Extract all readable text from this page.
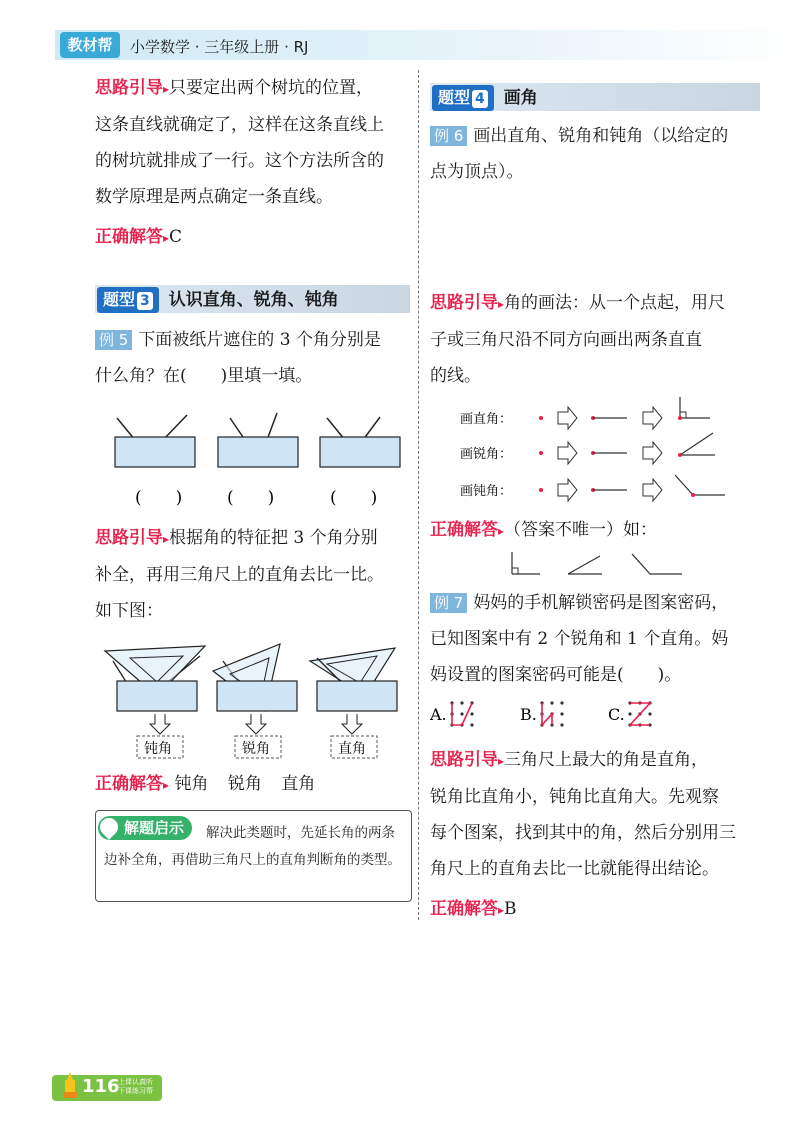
教材帮	小学数学 · 三年级上册 · RJ

思路引导▸只要定出两个树坑的位置，

这条直线就确定了，这样在这条直线上

的树坑就排成了一行。这个方法所含的

数学原理是两点确定一条直线。

正确解答▸C

题型 3 认识直角、锐角、钝角

例 5 下面被纸片遮住的 3 个角分别是

什么角？在(　　)里填一填。

(　　)	(　　)	(　　)

思路引导▸根据角的特征把 3 个角分别

补全，再用三角尺上的直角去比一比。

如下图：

钝角	锐角	直角

正确解答▸ 钝角 锐角 直角

解题启示	解决此类题时，先延长角的两条边补全角，再借助三角尺上的直角判断角的类型。
题型 4 画角

例 6 画出直角、锐角和钝角（以给定的

点为顶点）。

思路引导▸角的画法：从一个点起，用尺

子或三角尺沿不同方向画出两条直直

的线。

画直角：
画锐角：
画钝角：

正确解答▸（答案不唯一）如：

例 7 妈妈的手机解锁密码是图案密码，

已知图案中有 2 个锐角和 1 个直角。妈

妈设置的图案密码可能是(　　)。

A.	B.	C.

思路引导▸三角尺上最大的角是直角，

锐角比直角小，钝角比直角大。先观察

每个图案，找到其中的角，然后分别用三

角尺上的直角去比一比就能得出结论。

正确解答▸B

116
上课认真听
下课练习帮
